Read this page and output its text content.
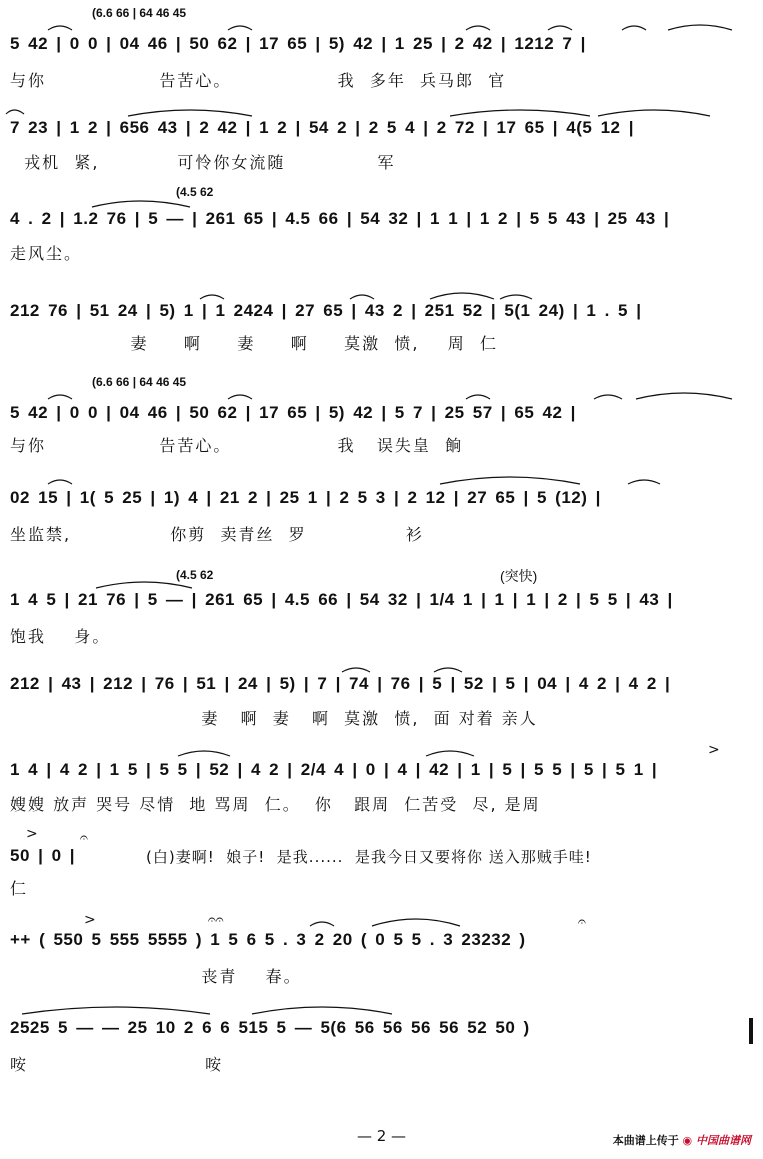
(6.6 66 | 64 46 45
5 42 | 0 0 | 04 46 | 50 62 | 17 65 | 5) 42 | 1 25 | 2 42 | 1212 7 |
与你                告苦心。               我  多年  兵马郎  官
7 23 | 1 2 | 656 43 | 2 42 | 1 2 | 54 2 | 2 5 4 | 2 72 | 17 65 | 4(5 12 |
戎机  紧,           可怜你女流随             军
(4.5 62
4 . 2 | 1.2 76 | 5 — | 261 65 | 4.5 66 | 54 32 | 1 1 | 1 2 | 5 5 43 | 25 43 |
走风尘。
212 76 | 51 24 | 5) 1 | 1 2424 | 27 65 | 43 2 | 251 52 | 5(1 24) | 1 . 5 |
妻     啊     妻     啊     莫激  愤,    周  仁
(6.6 66 | 64 46 45
5 42 | 0 0 | 04 46 | 50 62 | 17 65 | 5) 42 | 5 7 | 25 57 | 65 42 |
与你                告苦心。               我   误失皇  餉
02 15 | 1( 5 25 | 1) 4 | 21 2 | 25 1 | 2 5 3 | 2 12 | 27 65 | 5 (12) |
坐监禁,              你剪  卖青丝  罗              衫
(4.5 62	(突快)
1 4 5 | 21 76 | 5 — | 261 65 | 4.5 66 | 54 32 | 1/4 1 | 1 | 1 | 2 | 5 5 | 43 |
饱我    身。
212 | 43 | 212 | 76 | 51 | 24 | 5) | 7 | 74 | 76 | 5 | 52 | 5 | 04 | 4 2 | 4 2 |
妻   啊  妻   啊  莫激  愤,  面 对着 亲人
>
1 4 | 4 2 | 1 5 | 5 5 | 52 | 4 2 | 2/4 4 | 0 | 4 | 42 | 1 | 5 | 5 5 | 5 | 5 1 |
嫂嫂 放声 哭号 尽情  地 骂周  仁。  你   跟周  仁苦受  尽, 是周
>	𝄐
50 | 0 |	(白)妻啊!  娘子!  是我......  是我今日又要将你 送入那贼手哇!
仁
>	𝄐𝄐	𝄐
++ ( 550 5 555 5555 ) 1 5 6 5 . 3 2 20 ( 0 5 5 . 3 23232 )
丧青    春。
2525 5 — — 25 10 2 6 6 515 5 — 5(6 56 56 56 56 52 50 )
咹                         咹
— 2 —	本曲谱上传于 ◉ 中国曲谱网
